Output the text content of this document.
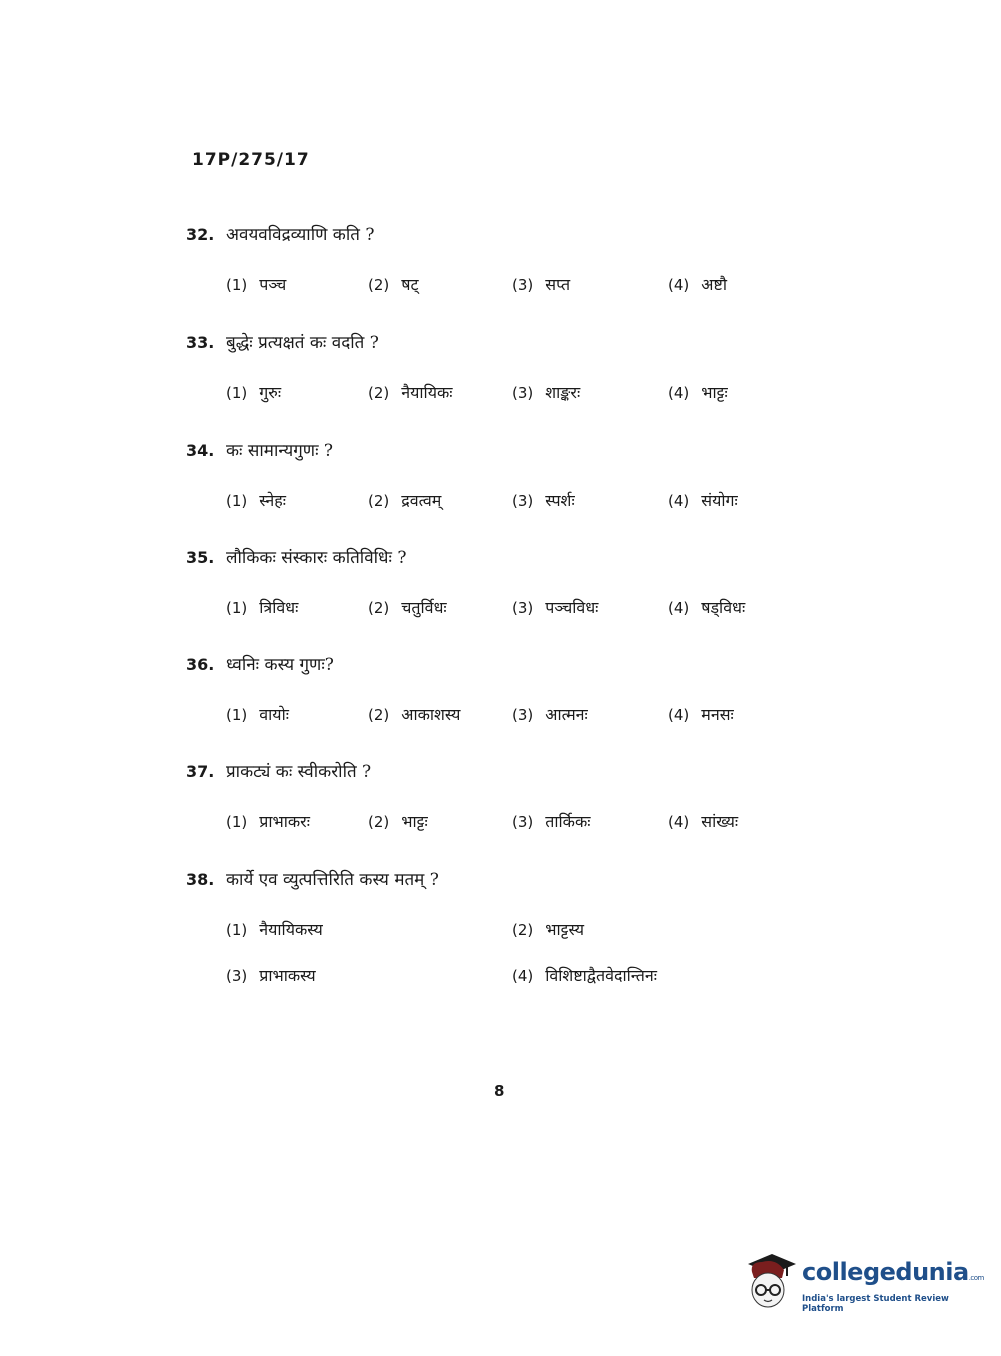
17P/275/17
32. अवयवविद्रव्याणि कति ?
(1) पञ्च	(2) षट्	(3) सप्त	(4) अष्टौ
33. बुद्धेः प्रत्यक्षतं कः वदति ?
(1) गुरुः	(2) नैयायिकः	(3) शाङ्करः	(4) भाट्टः
34. कः सामान्यगुणः ?
(1) स्नेहः	(2) द्रवत्वम्	(3) स्पर्शः	(4) संयोगः
35. लौकिकः संस्कारः कतिविधिः ?
(1) त्रिविधः	(2) चतुर्विधः	(3) पञ्चविधः	(4) षड्विधः
36. ध्वनिः कस्य गुणः?
(1) वायोः	(2) आकाशस्य	(3) आत्मनः	(4) मनसः
37. प्राकट्यं कः स्वीकरोति ?
(1) प्राभाकरः	(2) भाट्टः	(3) तार्किकः	(4) सांख्यः
38. कार्ये एव व्युत्पत्तिरिति कस्य मतम् ?
(1) नैयायिकस्य	(2) भाट्टस्य
(3) प्राभाकस्य	(4) विशिष्टाद्वैतवेदान्तिनः
8
collegedunia.com
India's largest Student Review Platform
